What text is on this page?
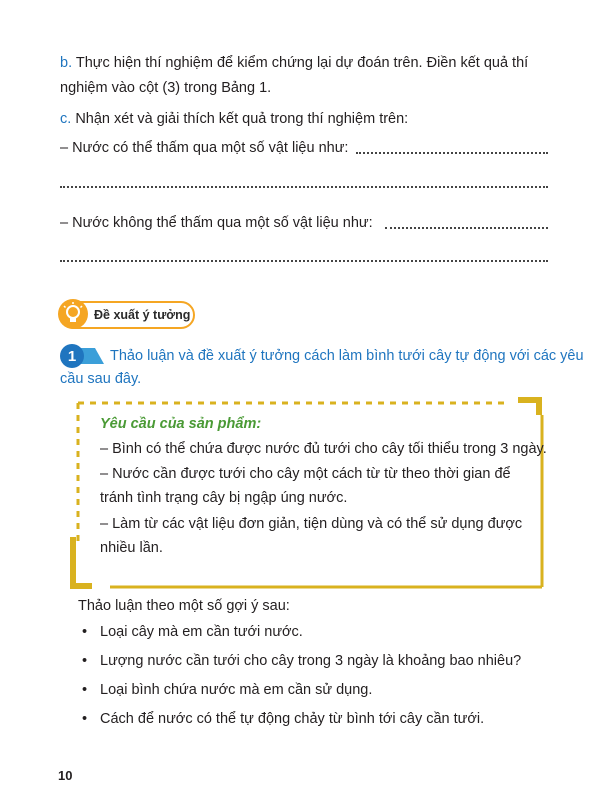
b. Thực hiện thí nghiệm để kiểm chứng lại dự đoán trên. Điền kết quả thí
nghiệm vào cột (3) trong Bảng 1.
c. Nhận xét và giải thích kết quả trong thí nghiệm trên:
– Nước có thể thấm qua một số vật liệu như:
– Nước không thể thấm qua một số vật liệu như:
Đề xuất ý tưởng
1	Thảo luận và đề xuất ý tưởng cách làm bình tưới cây tự động với các yêu
cầu sau đây.
Yêu cầu của sản phẩm:
– Bình có thể chứa được nước đủ tưới cho cây tối thiểu trong 3 ngày.
– Nước cần được tưới cho cây một cách từ từ theo thời gian để
tránh tình trạng cây bị ngập úng nước.
– Làm từ các vật liệu đơn giản, tiện dùng và có thể sử dụng được
nhiều lần.
Thảo luận theo một số gợi ý sau:
• Loại cây mà em cần tưới nước.
• Lượng nước cần tưới cho cây trong 3 ngày là khoảng bao nhiêu?
• Loại bình chứa nước mà em cần sử dụng.
• Cách để nước có thể tự động chảy từ bình tới cây cần tưới.
10
